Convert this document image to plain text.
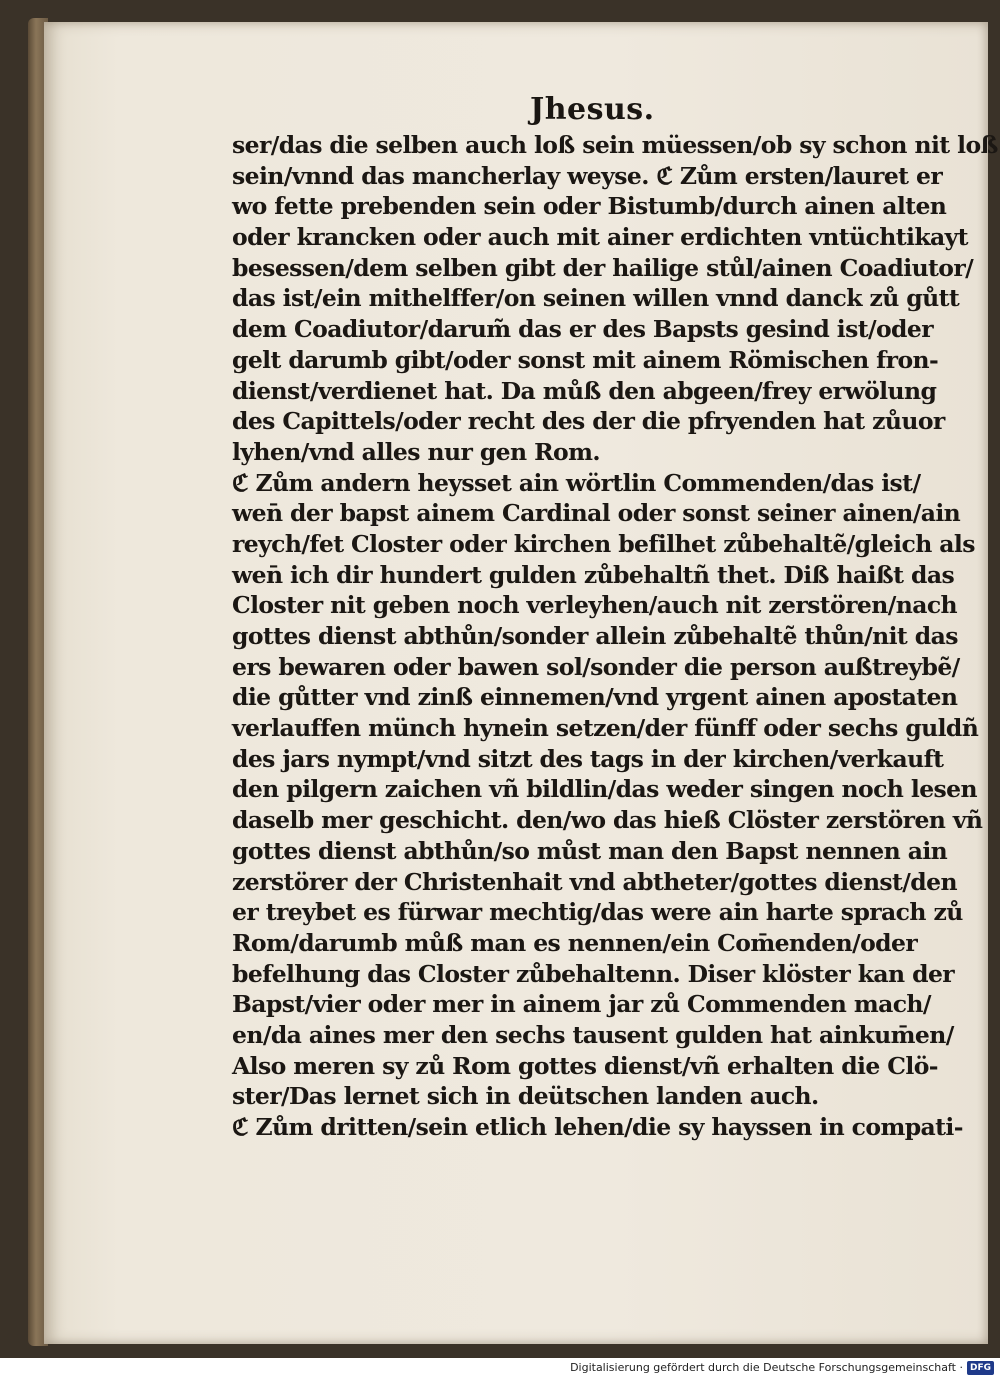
Jhesus.
ser/das die selben auch loß sein müessen/ob sy schon nit loß
sein/vnnd das mancherlay weyse. ℭ Zům ersten/lauret er
wo fette prebenden sein oder Bistumb/durch ainen alten
oder krancken oder auch mit ainer erdichten vntüchtikayt
besessen/dem selben gibt der hailige stůl/ainen Coadiutor/
das ist/ein mithelffer/on seinen willen vnnd danck zů gůtt
dem Coadiutor/darum̃ das er des Bapsts gesind ist/oder
gelt darumb gibt/oder sonst mit ainem Römischen fron-
dienst/verdienet hat. Da můß den abgeen/frey erwölung
des Capittels/oder recht des der die pfryenden hat zůuor
lyhen/vnd alles nur gen Rom.
ℭ Zům andern heysset ain wörtlin Commenden/das ist/
wen̄ der bapst ainem Cardinal oder sonst seiner ainen/ain
reych/fet Closter oder kirchen befilhet zůbehaltẽ/gleich als
wen̄ ich dir hundert gulden zůbehaltñ thet. Diß haißt das
Closter nit geben noch verleyhen/auch nit zerstören/nach
gottes dienst abthůn/sonder allein zůbehaltẽ thůn/nit das
ers bewaren oder bawen sol/sonder die person außtreybẽ/
die gůtter vnd zinß einnemen/vnd yrgent ainen apostaten
verlauffen münch hynein setzen/der fünff oder sechs guldñ
des jars nympt/vnd sitzt des tags in der kirchen/verkauft
den pilgern zaichen vñ bildlin/das weder singen noch lesen
daselb mer geschicht. den/wo das hieß Clöster zerstören vñ
gottes dienst abthůn/so můst man den Bapst nennen ain
zerstörer der Christenhait vnd abtheter/gottes dienst/den
er treybet es fürwar mechtig/das were ain harte sprach zů
Rom/darumb můß man es nennen/ein Com̄enden/oder
befelhung das Closter zůbehaltenn. Diser klöster kan der
Bapst/vier oder mer in ainem jar zů Commenden mach/
en/da aines mer den sechs tausent gulden hat ainkum̄en/
Also meren sy zů Rom gottes dienst/vñ erhalten die Clö-
ster/Das lernet sich in deütschen landen auch.
ℭ Zům dritten/sein etlich lehen/die sy hayssen in compati-
Digitalisierung gefördert durch die Deutsche Forschungsgemeinschaft · DFG
